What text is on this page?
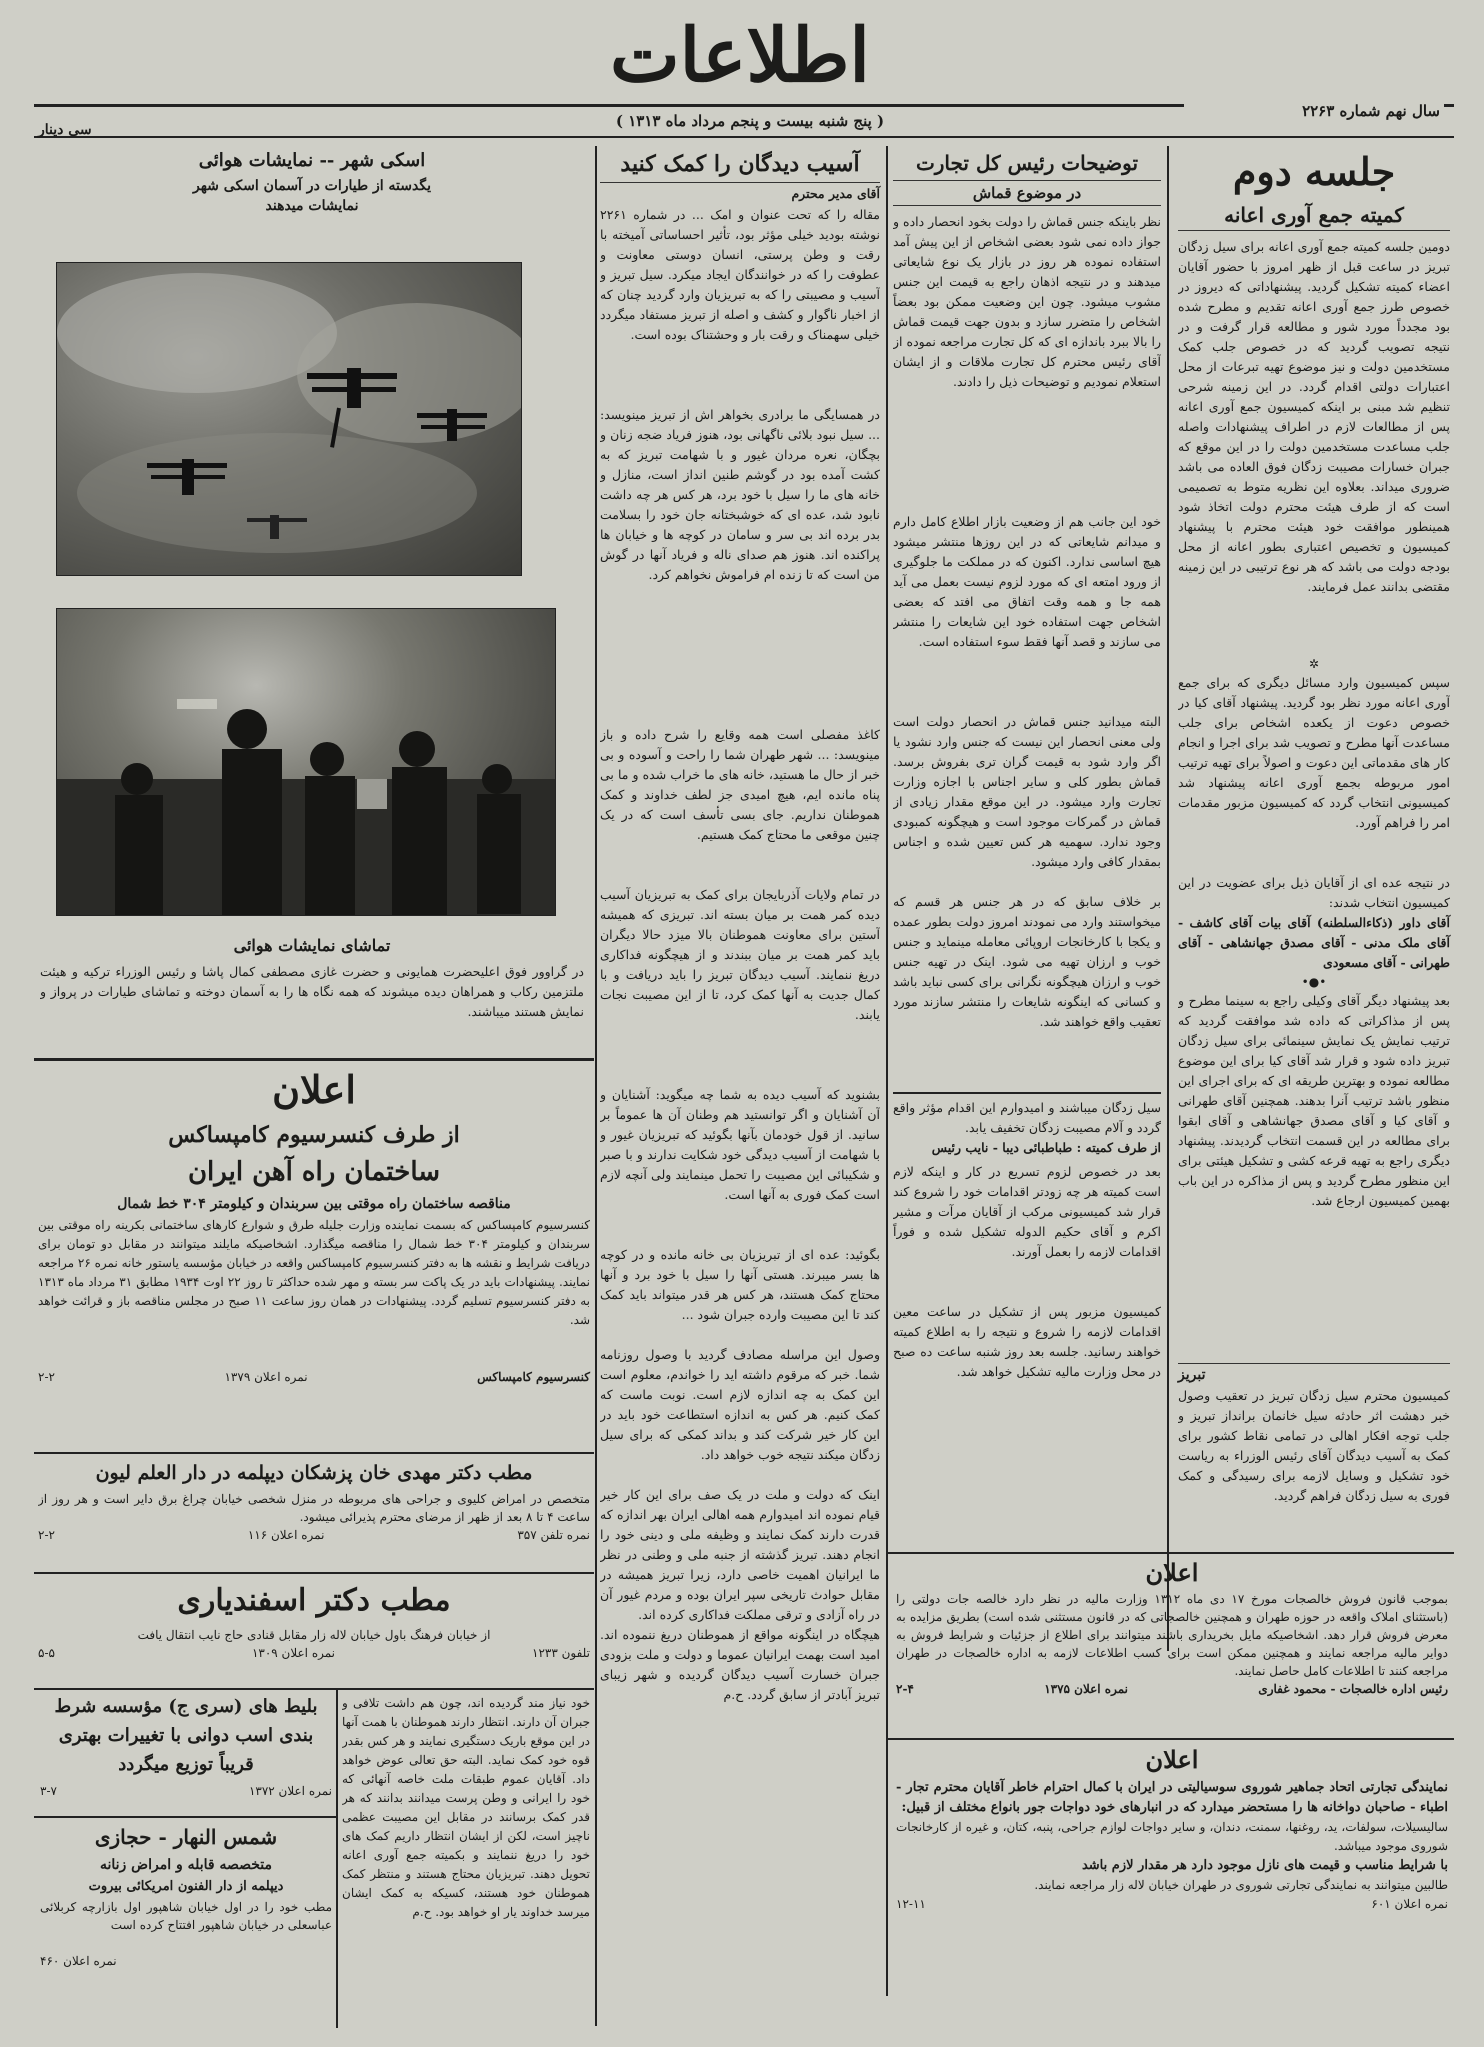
اطلاعات
سال نهم شماره ۲۲۶۳
( پنج شنبه بیست و پنجم مرداد ماه ۱۳۱۳ )
سی دینار
جلسه دوم
کمیته جمع آوری اعانه
دومین جلسه کمیته جمع آوری اعانه برای سیل زدگان تبریز در ساعت قبل از ظهر امروز با حضور آقایان اعضاء کمیته تشکیل گردید. پیشنهاداتی که دیروز در خصوص طرز جمع آوری اعانه تقدیم و مطرح شده بود مجدداً مورد شور و مطالعه قرار گرفت و در نتیجه تصویب گردید که در خصوص جلب کمک مستخدمین دولت و نیز موضوع تهیه تبرعات از محل اعتبارات دولتی اقدام گردد. در این زمینه شرحی تنظیم شد مبنی بر اینکه کمیسیون جمع آوری اعانه پس از مطالعات لازم در اطراف پیشنهادات واصله جلب مساعدت مستخدمین دولت را در این موقع که جبران خسارات مصیبت زدگان فوق العاده می باشد ضروری میداند. بعلاوه این نظریه متوط به تصمیمی است که از طرف هیئت محترم دولت اتخاذ شود همینطور موافقت خود هیئت محترم با پیشنهاد کمیسیون و تخصیص اعتباری بطور اعانه از محل بودجه دولت می باشد که هر نوع ترتیبی در این زمینه مقتضی بدانند عمل فرمایند.
✲
سپس کمیسیون وارد مسائل دیگری که برای جمع آوری اعانه مورد نظر بود گردید. پیشنهاد آقای کیا در خصوص دعوت از یکعده اشخاص برای جلب مساعدت آنها مطرح و تصویب شد برای اجرا و انجام کار های مقدماتی این دعوت و اصولاً برای تهیه ترتیب امور مربوطه بجمع آوری اعانه پیشنهاد شد کمیسیونی انتخاب گردد که کمیسیون مزبور مقدمات امر را فراهم آورد.
در نتیجه عده ای از آقایان ذیل برای عضویت در این کمیسیون انتخاب شدند:
آقای داور (ذکاءالسلطنه) آقای بیات آقای کاشف - آقای ملک مدنی - آقای مصدق جهانشاهی - آقای طهرانی - آقای مسعودی
•●•
بعد پیشنهاد دیگر آقای وکیلی راجع به سینما مطرح و پس از مذاکراتی که داده شد موافقت گردید که ترتیب نمایش یک نمایش سینمائی برای سیل زدگان تبریز داده شود و قرار شد آقای کیا برای این موضوع مطالعه نموده و بهترین طریقه ای که برای اجرای این منظور باشد ترتیب آنرا بدهند. همچنین آقای طهرانی و آقای کیا و آقای مصدق جهانشاهی و آقای ابقوا برای مطالعه در این قسمت انتخاب گردیدند. پیشنهاد دیگری راجع به تهیه قرعه کشی و تشکیل هیئتی برای این منظور مطرح گردید و پس از مذاکره در این باب بهمین کمیسیون ارجاع شد.
تبریز
کمیسیون محترم سیل زدگان تبریز در تعقیب وصول خبر دهشت اثر حادثه سیل خانمان برانداز تبریز و جلب توجه افکار اهالی در تمامی نقاط کشور برای کمک به آسیب دیدگان آقای رئیس الوزراء به ریاست خود تشکیل و وسایل لازمه برای رسیدگی و کمک فوری به سیل زدگان فراهم گردید.
توضیحات رئیس کل تجارت
در موضوع قماش
نظر باینکه جنس قماش را دولت بخود انحصار داده و جواز داده نمی شود بعضی اشخاص از این پیش آمد استفاده نموده هر روز در بازار یک نوع شایعاتی میدهند و در نتیجه اذهان راجع به قیمت این جنس مشوب میشود. چون این وضعیت ممکن بود بعضاً اشخاص را متضرر سازد و بدون جهت قیمت قماش را بالا ببرد باندازه ای که کل تجارت مراجعه نموده از آقای رئیس محترم کل تجارت ملاقات و از ایشان استعلام نمودیم و توضیحات ذیل را دادند.
خود این جانب هم از وضعیت بازار اطلاع کامل دارم و میدانم شایعاتی که در این روزها منتشر میشود هیچ اساسی ندارد. اکنون که در مملکت ما جلوگیری از ورود امتعه ای که مورد لزوم نیست بعمل می آید همه جا و همه وقت اتفاق می افتد که بعضی اشخاص جهت استفاده خود این شایعات را منتشر می سازند و قصد آنها فقط سوء استفاده است.
البته میدانید جنس قماش در انحصار دولت است ولی معنی انحصار این نیست که جنس وارد نشود یا اگر وارد شود به قیمت گران تری بفروش برسد. قماش بطور کلی و سایر اجناس با اجازه وزارت تجارت وارد میشود. در این موقع مقدار زیادی از قماش در گمرکات موجود است و هیچگونه کمبودی وجود ندارد. سهمیه هر کس تعیین شده و اجناس بمقدار کافی وارد میشود.
بر خلاف سابق که در هر جنس هر قسم که میخواستند وارد می نمودند امروز دولت بطور عمده و یکجا با کارخانجات اروپائی معامله مینماید و جنس خوب و ارزان تهیه می شود. اینک در تهیه جنس خوب و ارزان هیچگونه نگرانی برای کسی نباید باشد و کسانی که اینگونه شایعات را منتشر سازند مورد تعقیب واقع خواهند شد.
سیل زدگان میباشند و امیدوارم این اقدام مؤثر واقع گردد و آلام مصیبت زدگان تخفیف یابد.
از طرف کمیته : طباطبائی دیبا - نایب رئیس
بعد در خصوص لزوم تسریع در کار و اینکه لازم است کمیته هر چه زودتر اقدامات خود را شروع کند قرار شد کمیسیونی مرکب از آقایان مرآت و مشیر اکرم و آقای حکیم الدوله تشکیل شده و فوراً اقدامات لازمه را بعمل آورند.
کمیسیون مزبور پس از تشکیل در ساعت معین اقدامات لازمه را شروع و نتیجه را به اطلاع کمیته خواهند رسانید. جلسه بعد روز شنبه ساعت ده صبح در محل وزارت مالیه تشکیل خواهد شد.
اعلان
بموجب قانون فروش خالصجات مورخ ۱۷ دی ماه ۱۳۱۲ وزارت مالیه در نظر دارد خالصه جات دولتی را (باستثنای املاک واقعه در حوزه طهران و همچنین خالصجاتی که در قانون مستثنی شده است) بطریق مزایده به معرض فروش قرار دهد. اشخاصیکه مایل بخریداری باشند میتوانند برای اطلاع از جزئیات و شرایط فروش به دوایر مالیه مراجعه نمایند و همچنین ممکن است برای کسب اطلاعات لازمه به اداره خالصجات در طهران مراجعه کنند تا اطلاعات کامل حاصل نمایند.
رئیس اداره خالصجات - محمود غفاری
نمره اعلان ۱۳۷۵
۲-۴
اعلان
نمایندگی تجارتی اتحاد جماهیر شوروی سوسیالیتی در ایران با کمال احترام خاطر آقایان محترم تجار - اطباء - صاحبان دواخانه ها را مستحضر میدارد که در انبارهای خود دواجات جور بانواع مختلف از قبیل:
سالیسیلات، سولفات، ید، روغنها، سمنت، دندان، و سایر دواجات لوازم جراحی، پنبه، کتان، و غیره از کارخانجات شوروی موجود میباشد.
با شرایط مناسب و قیمت های نازل موجود دارد هر مقدار لازم باشد
طالبین میتوانند به نمایندگی تجارتی شوروی در طهران خیابان لاله زار مراجعه نمایند.
نمره اعلان ۶۰۱
۱۲-۱۱
آسیب دیدگان را کمک کنید
آقای مدیر محترم
مقاله را که تحت عنوان و امک ... در شماره ۲۲۶۱ نوشته بودید خیلی مؤثر بود، تأثیر احساساتی آمیخته با رقت و وطن پرستی، انسان دوستی معاونت و عطوفت را که در خوانندگان ایجاد میکرد. سیل تبریز و آسیب و مصیبتی را که به تبریزیان وارد گردید چنان که از اخبار ناگوار و کشف و اصله از تبریز مستفاد میگردد خیلی سهمناک و رقت بار و وحشتناک بوده است.
در همسایگی ما برادری بخواهر اش از تبریز مینویسد: ... سیل نبود بلائی ناگهانی بود، هنوز فریاد ضجه زنان و بچگان، نعره مردان غیور و با شهامت تبریز که به کشت آمده بود در گوشم طنین انداز است، منازل و خانه های ما را سیل با خود برد، هر کس هر چه داشت نابود شد، عده ای که خوشبختانه جان خود را بسلامت بدر برده اند بی سر و سامان در کوچه ها و خیابان ها پراکنده اند. هنوز هم صدای ناله و فریاد آنها در گوش من است که تا زنده ام فراموش نخواهم کرد.
کاغذ مفصلی است همه وقایع را شرح داده و باز مینویسد: ... شهر طهران شما را راحت و آسوده و بی خبر از حال ما هستید، خانه های ما خراب شده و ما بی پناه مانده ایم، هیچ امیدی جز لطف خداوند و کمک هموطنان نداریم. جای بسی تأسف است که در یک چنین موقعی ما محتاج کمک هستیم.
در تمام ولایات آذربایجان برای کمک به تبریزیان آسیب دیده کمر همت بر میان بسته اند. تبریزی که همیشه آستین برای معاونت هموطنان بالا میزد حالا دیگران باید کمر همت بر میان ببندند و از هیچگونه فداکاری دریغ ننمایند. آسیب دیدگان تبریز را باید دریافت و با کمال جدیت به آنها کمک کرد، تا از این مصیبت نجات یابند.
بشنوید که آسیب دیده به شما چه میگوید: آشنایان و آن آشنایان و اگر توانستید هم وطنان آن ها عموماً بر سانید. از قول خودمان بآنها بگوئید که تبریزیان غیور و با شهامت از آسیب دیدگی خود شکایت ندارند و با صبر و شکیبائی این مصیبت را تحمل مینمایند ولی آنچه لازم است کمک فوری به آنها است.
بگوئید: عده ای از تبریزیان بی خانه مانده و در کوچه ها بسر میبرند. هستی آنها را سیل با خود برد و آنها محتاج کمک هستند، هر کس هر قدر میتواند باید کمک کند تا این مصیبت وارده جبران شود ...
وصول این مراسله مصادف گردید با وصول روزنامه شما. خبر که مرقوم داشته اید را خواندم، معلوم است این کمک به چه اندازه لازم است. نوبت ماست که کمک کنیم. هر کس به اندازه استطاعت خود باید در این کار خیر شرکت کند و بداند کمکی که برای سیل زدگان میکند نتیجه خوب خواهد داد.
اینک که دولت و ملت در یک صف برای این کار خیر قیام نموده اند امیدوارم همه اهالی ایران بهر اندازه که قدرت دارند کمک نمایند و وظیفه ملی و دینی خود را انجام دهند. تبریز گذشته از جنبه ملی و وطنی در نظر ما ایرانیان اهمیت خاصی دارد، زیرا تبریز همیشه در مقابل حوادث تاریخی سپر ایران بوده و مردم غیور آن در راه آزادی و ترقی مملکت فداکاری کرده اند.
هیچگاه در اینگونه مواقع از هموطنان دریغ ننموده اند. امید است بهمت ایرانیان عموما و دولت و ملت بزودی جبران خسارت آسیب دیدگان گردیده و شهر زیبای تبریز آبادتر از سابق گردد. ح.م
اسکی شهر -- نمایشات هوائی
یگدسته از طیارات در آسمان اسکی شهر
نمایشات میدهند
تماشای نمایشات هوائی
در گراوور فوق اعلیحضرت همایونی و حضرت غازی مصطفی کمال پاشا و رئیس الوزراء ترکیه و هیئت ملتزمین رکاب و همراهان دیده میشوند که همه نگاه ها را به آسمان دوخته و تماشای طیارات در پرواز و نمایش هستند میباشند.
اعلان
از طرف کنسرسیوم کامپساکس
ساختمان راه آهن ایران
مناقصه ساختمان راه موقتی بین سربندان و کیلومتر ۳۰۴ خط شمال
کنسرسیوم کامپساکس که بسمت نماینده وزارت جلیله طرق و شوارع کارهای ساختمانی بکرینه راه موقتی بین سربندان و کیلومتر ۳۰۴ خط شمال را مناقصه میگذارد. اشخاصیکه مایلند میتوانند در مقابل دو تومان برای دریافت شرایط و نقشه ها به دفتر کنسرسیوم کامپساکس واقعه در خیابان مؤسسه یاستور خانه نمره ۲۶ مراجعه نمایند. پیشنهادات باید در یک پاکت سر بسته و مهر شده حداکثر تا روز ۲۲ اوت ۱۹۳۴ مطابق ۳۱ مرداد ماه ۱۳۱۳ به دفتر کنسرسیوم تسلیم گردد. پیشنهادات در همان روز ساعت ۱۱ صبح در مجلس مناقصه باز و قرائت خواهد شد.
کنسرسیوم کامپساکس
نمره اعلان ۱۳۷۹
۲-۲
مطب دکتر مهدی خان پزشکان دیپلمه در دار العلم لیون
متخصص در امراض کلیوی و جراحی های مربوطه در منزل شخصی خیابان چراغ برق دایر است و هر روز از ساعت ۴ تا ۸ بعد از ظهر از مرضای محترم پذیرائی میشود.
نمره تلفن ۳۵۷
نمره اعلان ۱۱۶
۲-۲
مطب دکتر اسفندیاری
از خیابان فرهنگ باول خیابان لاله زار مقابل قنادی حاج نایب انتقال یافت
تلفون ۱۲۳۳
نمره اعلان ۱۳۰۹
۵-۵
خود نیاز مند گردیده اند، چون هم داشت تلافی و جبران آن دارند. انتظار دارند هموطنان با همت آنها در این موقع باریک دستگیری نمایند و هر کس بقدر قوه خود کمک نماید. البته حق تعالی عوض خواهد داد. آقایان عموم طبقات ملت خاصه آنهائی که خود را ایرانی و وطن پرست میدانند بدانند که هر قدر کمک برسانند در مقابل این مصیبت عظمی ناچیز است، لکن از ایشان انتظار داریم کمک های خود را دریغ ننمایند و بکمیته جمع آوری اعانه تحویل دهند. تبریزیان محتاج هستند و منتظر کمک هموطنان خود هستند، کسیکه به کمک ایشان میرسد خداوند یار او خواهد بود. ح.م
بلیط های (سری ج) مؤسسه شرط بندی اسب دوانی با تغییرات بهتری قریباً توزیع میگردد
نمره اعلان ۱۳۷۲
۳-۷
شمس النهار - حجازی
متخصصه قابله و امراض زنانه
دیپلمه از دار الفنون امریکائی بیروت
مطب خود را در اول خیابان شاهپور اول بازارچه کربلائی عباسعلی در خیابان شاهپور افتتاح کرده است
نمره اعلان ۴۶۰
